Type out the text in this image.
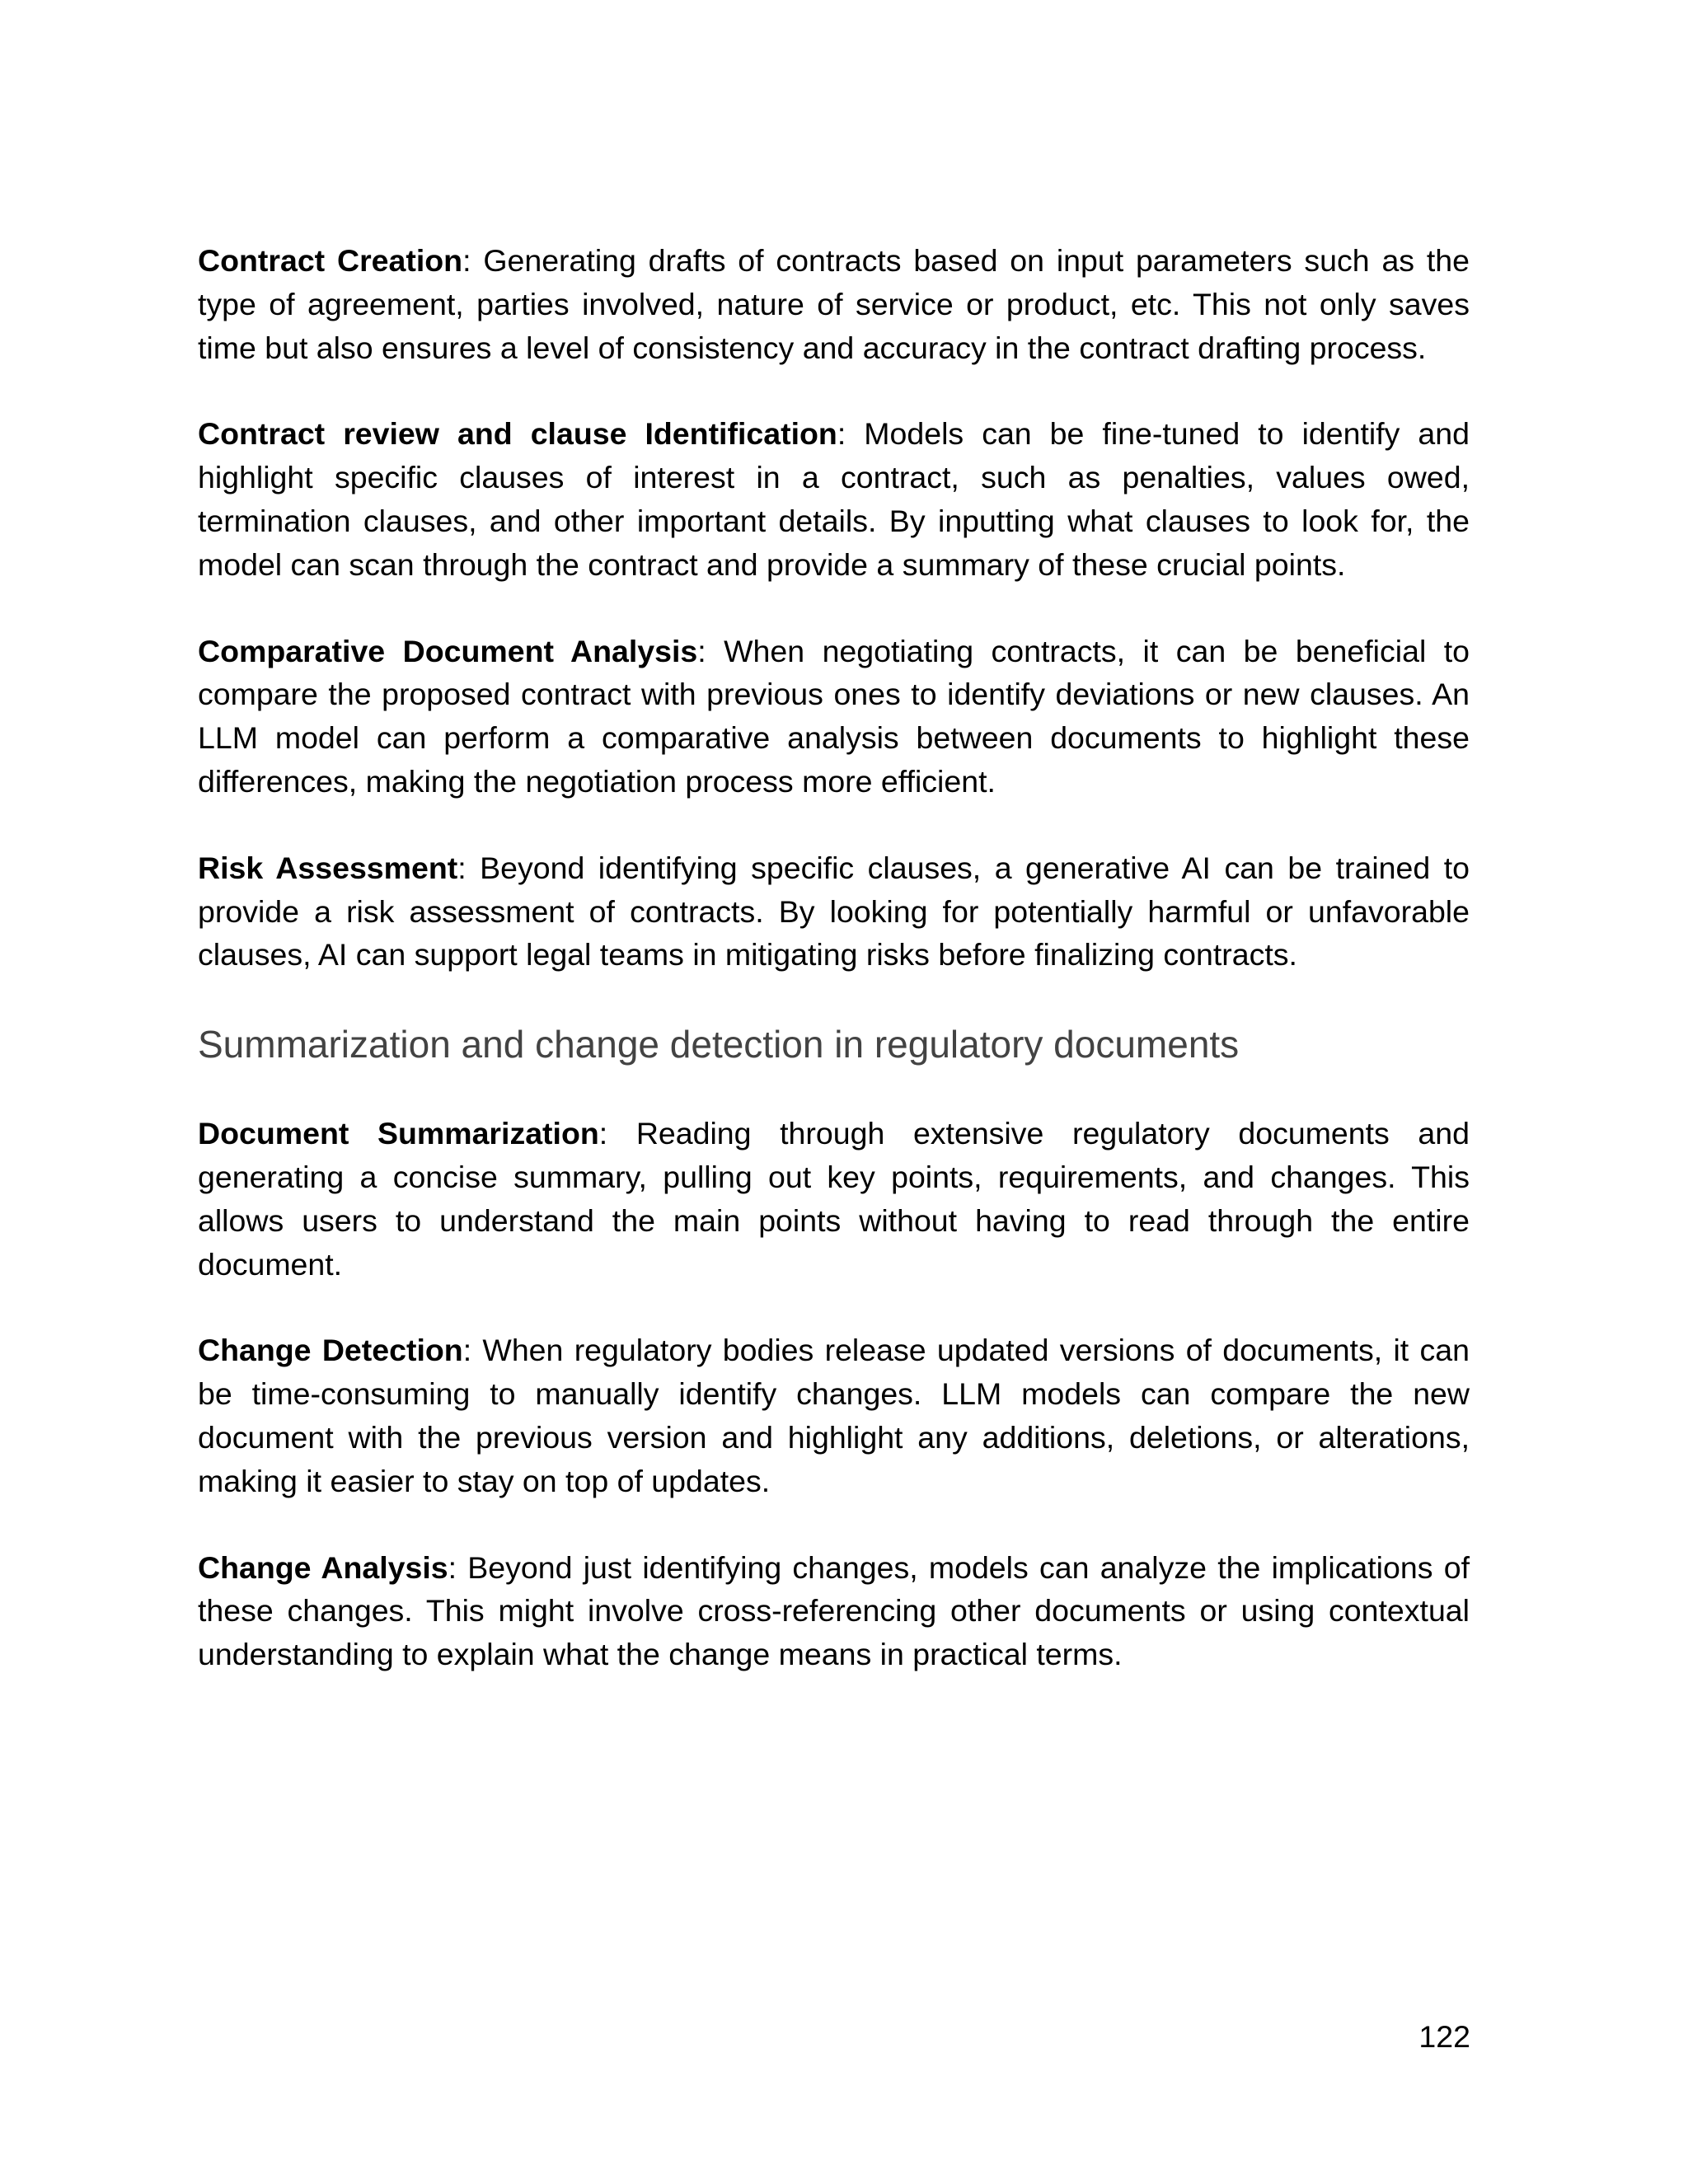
Contract Creation: Generating drafts of contracts based on input parameters such as the type of agreement, parties involved, nature of service or product, etc. This not only saves time but also ensures a level of consistency and accuracy in the contract drafting process.

Contract review and clause Identification: Models can be fine-tuned to identify and highlight specific clauses of interest in a contract, such as penalties, values owed, termination clauses, and other important details. By inputting what clauses to look for, the model can scan through the contract and provide a summary of these crucial points.

Comparative Document Analysis: When negotiating contracts, it can be beneficial to compare the proposed contract with previous ones to identify deviations or new clauses. An LLM model can perform a comparative analysis between documents to highlight these differences, making the negotiation process more efficient.

Risk Assessment: Beyond identifying specific clauses, a generative AI can be trained to provide a risk assessment of contracts. By looking for potentially harmful or unfavorable clauses, AI can support legal teams in mitigating risks before finalizing contracts.

Summarization and change detection in regulatory documents

Document Summarization: Reading through extensive regulatory documents and generating a concise summary, pulling out key points, requirements, and changes. This allows users to understand the main points without having to read through the entire document.

Change Detection: When regulatory bodies release updated versions of documents, it can be time-consuming to manually identify changes. LLM models can compare the new document with the previous version and highlight any additions, deletions, or alterations, making it easier to stay on top of updates.

Change Analysis: Beyond just identifying changes, models can analyze the implications of these changes. This might involve cross-referencing other documents or using contextual understanding to explain what the change means in practical terms.

122
